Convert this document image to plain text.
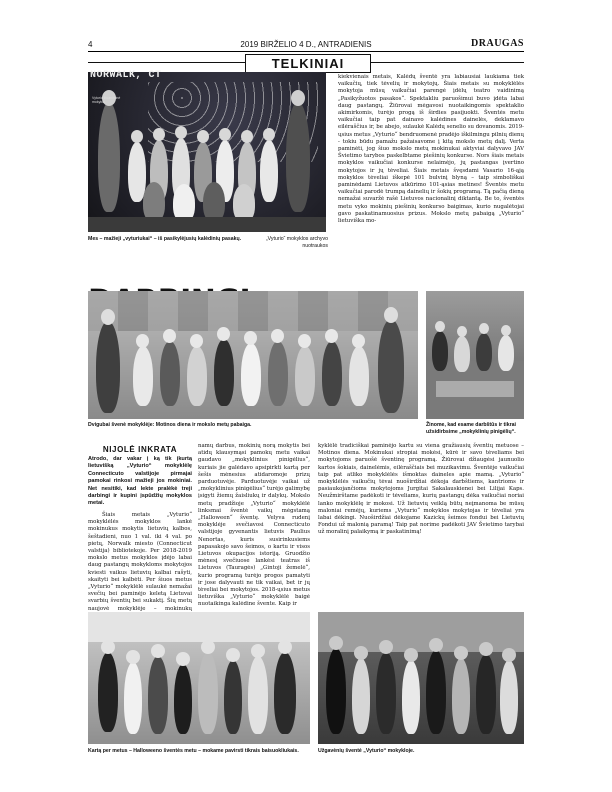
4	2019 BIRŽELIO 4 D., ANTRADIENIS	DRAUGAS
TELKINIAI
NORWALK, CT
Vyturio lituanistinė mokykla
Mes – mažieji „vyturiukai“ – iš pasikylėjusių kalėdinių pasakų.	„Vyturio“ mokyklos archyvo nuotraukos
kiekvienais metais, Kalėdų šventė yra labiausiai laukiama tiek vaikučių, tiek tėvelių ir mokytojų. Šiais metais su mokyklėlės mokytoja mūsų vaikučiai parengė įdėlų teatro vaidinimą „Pasikyžuotos pasakos“. Spektakliu paruošimui buvo įdėta labai daug pastangų. Žiūrovai mėgavosi nuotaikingomis spektaklio akimirkomis, turėjo progą iš širdies pasijuokti. Šventės metu vaikučiai taip pat dainavo kalėdines dainelės, deklamavo eilėraščius ir, be abejo, sulaukė Kalėdų senelio su dovanomis. 2019-ųsius metus „Vyturio“ bendruomenė pradėjo iškilmingu pilnių dienų - tokiu būdu pamažu pažaisavome į kitą mokslo metų dalį. Verta paminėti, jog šiuo mokslo metų mokinukai aktyviai dalyvavo JAV Švietimo tarybos paskelbtame piešinių konkurse. Nors šiais metais mokyklos vaikučiai konkurse nelaimėjo, jų pastangas įvertino mokytojos ir jų tėveliai. Šiais metais švęsdami Vasario 16-ąją mokyklos tėveliai iškepė 101 bulvinį blyną – taip simboliškai paminėdami Lietuvos atkūrimo 101-ąsias metines! Šventės metu vaikučiai parodė trumpą dainelių ir šokių programą. Tą pačią dieną nemažai suvaržė rašė Lietuvos nacionalinį diktantą. Be to, šventės metu vyko mokinių piešinių konkurso baigimas, kurio nugalėtojai gavo paskatinamuosius prizus. Mokslo metų pabaigą „Vyturio“ lietuviška mo-
Dvigubai švenė mokyklėje: Motinos diena ir mokslo metų pabaiga.	Žinome, kad esame darbštūs ir tikrai užsidirbsime „mokyklinių pinigėlių“.
NIJOLĖ INKRATA
Atrodo, dar vakar į ką tik įkurtą lietuvišką „Vyturio“ mokyklėlę Connecticuto valstijoje pirmajai pamokai rinkosi mažieji jos mokiniai. Net nesitiki, kad lekte pralėkė treji darbingi ir kupini įspūdžių mokyklos metai.
Šiais metais „Vyturio“ mokyklėlės mokyklos lankė mokinukus mokytis lietuvių kalbos, šeštadieni, nuo 1 val. iki 4 val. po pietų, Norwalk miesto (Connecticut valstija) bibliotekoje. Per 2018-2019 mokslo metus mokyklos įdėjo labai daug pastangų mokykloms mokytojos kviesti vaikus lietuvių kalbai rašyti, skaityti bei kalbėti. Per šiuos metus „Vyturio“ mokyklėlė sulaukė nemažai svečių bei paminėjo keletą Lietuvai svarbių šventių bei sukaktį. Šių metų naujovė mokyklėje – mokinukų
namų darbus, mokinių norą mokytis bei atidų klausymąsi pamokų metu vaikai gaudavo „mokyklinius pinigėlius“, kuriais jie galėdavo apsipirkti kartą per šešis mėnesius atidaromoje prizų parduotuvėje. Parduotuvėje vaikai už „mokyklinius pinigėlius“ turėjo galimybę įsigyti žiemų žaisliukų ir dalykų. Mokslo metų pradžioje „Vyturio“ mokyklėlė linksmai šventė vaikų mėgstamą „Halloween“ šventę. Velyva rudenį mokyklėje svečiavosi Connecticuto valstijoje gyvenantis lietuvis Paulius Nenortas, kuris susirinkusiems papasakojo savo šeimos, o kartu ir visos Lietuvos okupacijos istoriją. Gruodžio mėnesį svečiuose lankėsi teatras iš Lietuvos (Tauragės) „Gintoji žemelė“, kurio programą turėjo progos pamatyti ir jose dalyvauti ne tik vaikai, bet ir jų tėveliai bei mokytojos. 2018-ųsius metus lietuviška „Vyturio“ mokyklėlė baigė nuotaikinga kalėdine švente. Kaip ir
kyklėlė tradiciškai paminėjo kartu su viena gražiausių šventių metuose – Motinos diena. Mokinukai stropiai mokėsi, kūrė ir savo tėveliams bei mokytojoms paruošė šventinę programą. Žiūrovai džiaugėsi jaunuolio kartos šokiais, dainelėmis, eilėraščiais bei muzikavimu. Šventėje vaikučiai taip pat atliko mokyklėlės išmoktas daineles apie mamą. „Vyturio“ mokyklėlės vaikučių tėvai nuoširdžiai dėkoja darbštiems, kantrioms ir pasiaukojančioms mokytojoms Jurgitai Sakalauskienei bei Lilijai Kaps. Neužmirštame padėkoti ir tėveliams, kurių pastangų dėka vaikučiai noriai lanko mokyklėlę ir mokosi. Už lietuvių veiklą būtų neįmanoma be mūsų maloniai remėjų, kuriems „Vyturio“ mokyklos mokytojas ir tėveliai yra labai dėkingi. Nuoširdžiai dėkojame Kazickų šeimos fondui bei Lietuvių Fondui už malonią paramą! Taip pat norime padėkoti JAV Švietimo tarybai už moralinį palaikymą ir paskatinimą!
Kartą per metus – Halloweeno šventės metu – mokame pavirsti tikrais baisuokliukais.	Užgavėnių šventė „Vyturio“ mokykloje.
